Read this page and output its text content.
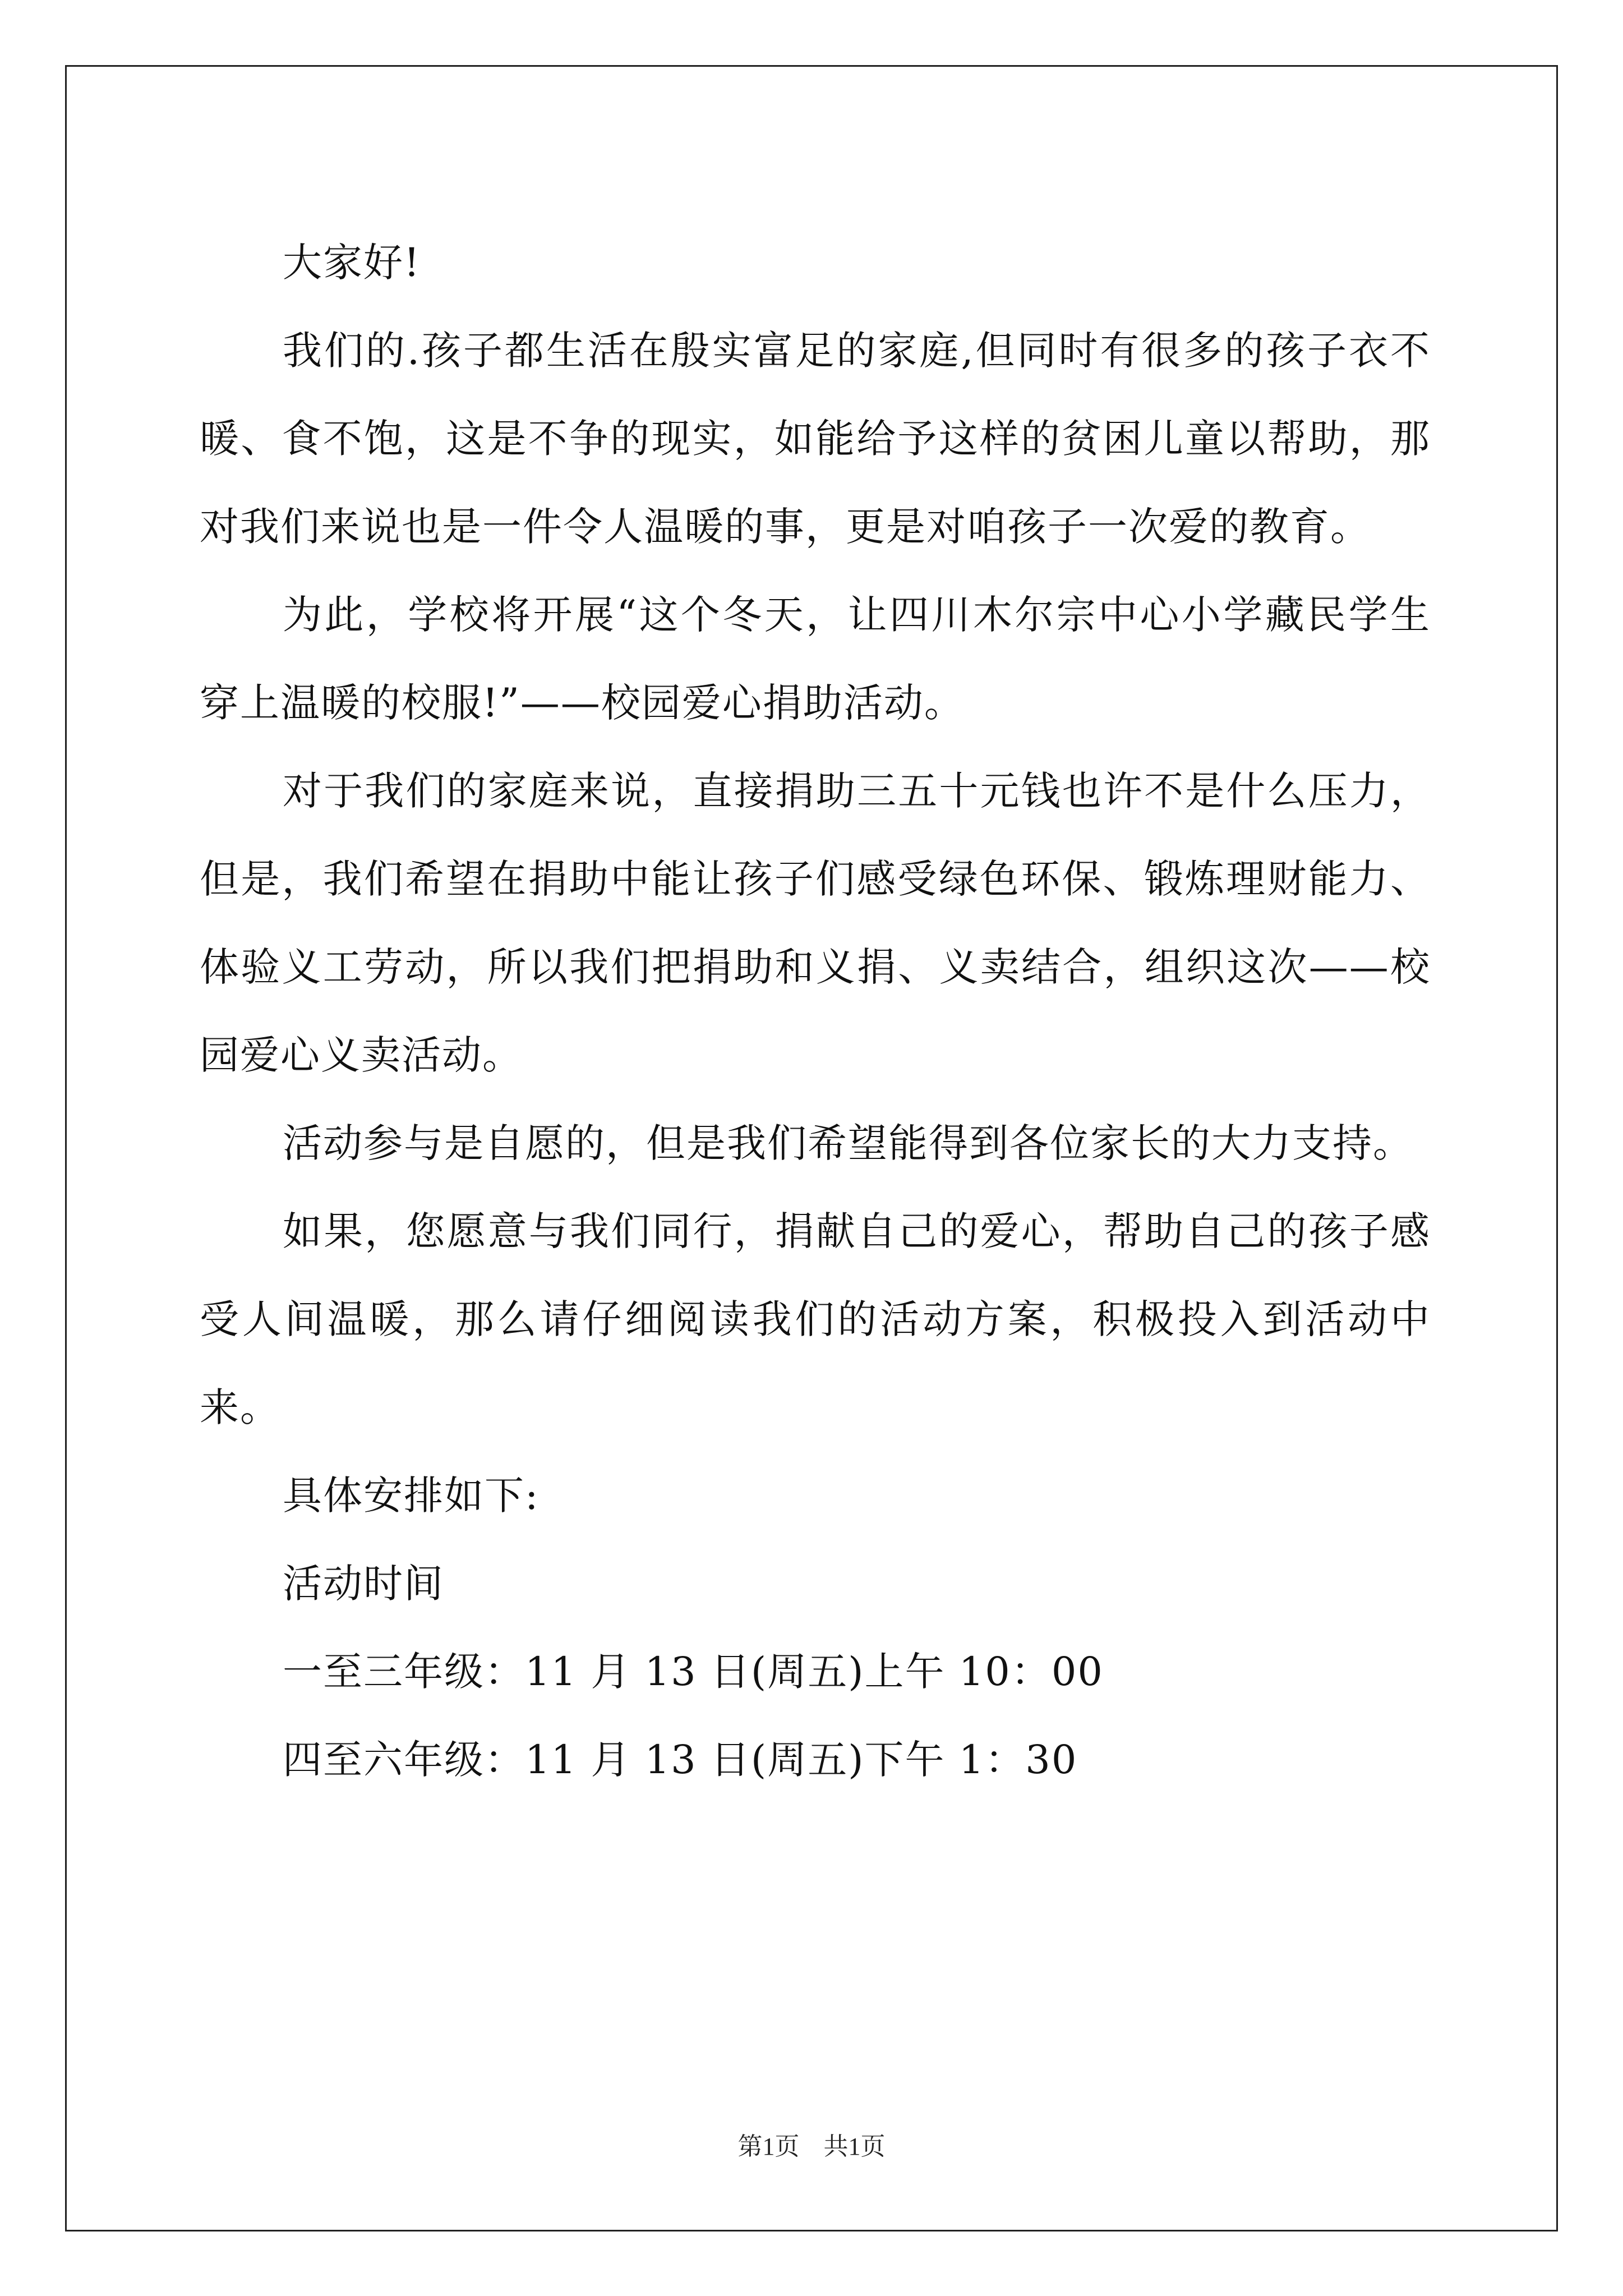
大家好!

我们的.孩子都生活在殷实富足的家庭,但同时有很多的孩子衣不暖、食不饱，这是不争的现实，如能给予这样的贫困儿童以帮助，那对我们来说也是一件令人温暖的事，更是对咱孩子一次爱的教育。

为此，学校将开展“这个冬天，让四川木尔宗中心小学藏民学生穿上温暖的校服!”——校园爱心捐助活动。

对于我们的家庭来说，直接捐助三五十元钱也许不是什么压力，但是，我们希望在捐助中能让孩子们感受绿色环保、锻炼理财能力、体验义工劳动，所以我们把捐助和义捐、义卖结合，组织这次——校园爱心义卖活动。

活动参与是自愿的，但是我们希望能得到各位家长的大力支持。

如果，您愿意与我们同行，捐献自己的爱心，帮助自己的孩子感受人间温暖，那么请仔细阅读我们的活动方案，积极投入到活动中来。

具体安排如下:

活动时间

一至三年级：11 月 13 日(周五)上午 10：00

四至六年级：11 月 13 日(周五)下午 1：30

第1页 共1页
